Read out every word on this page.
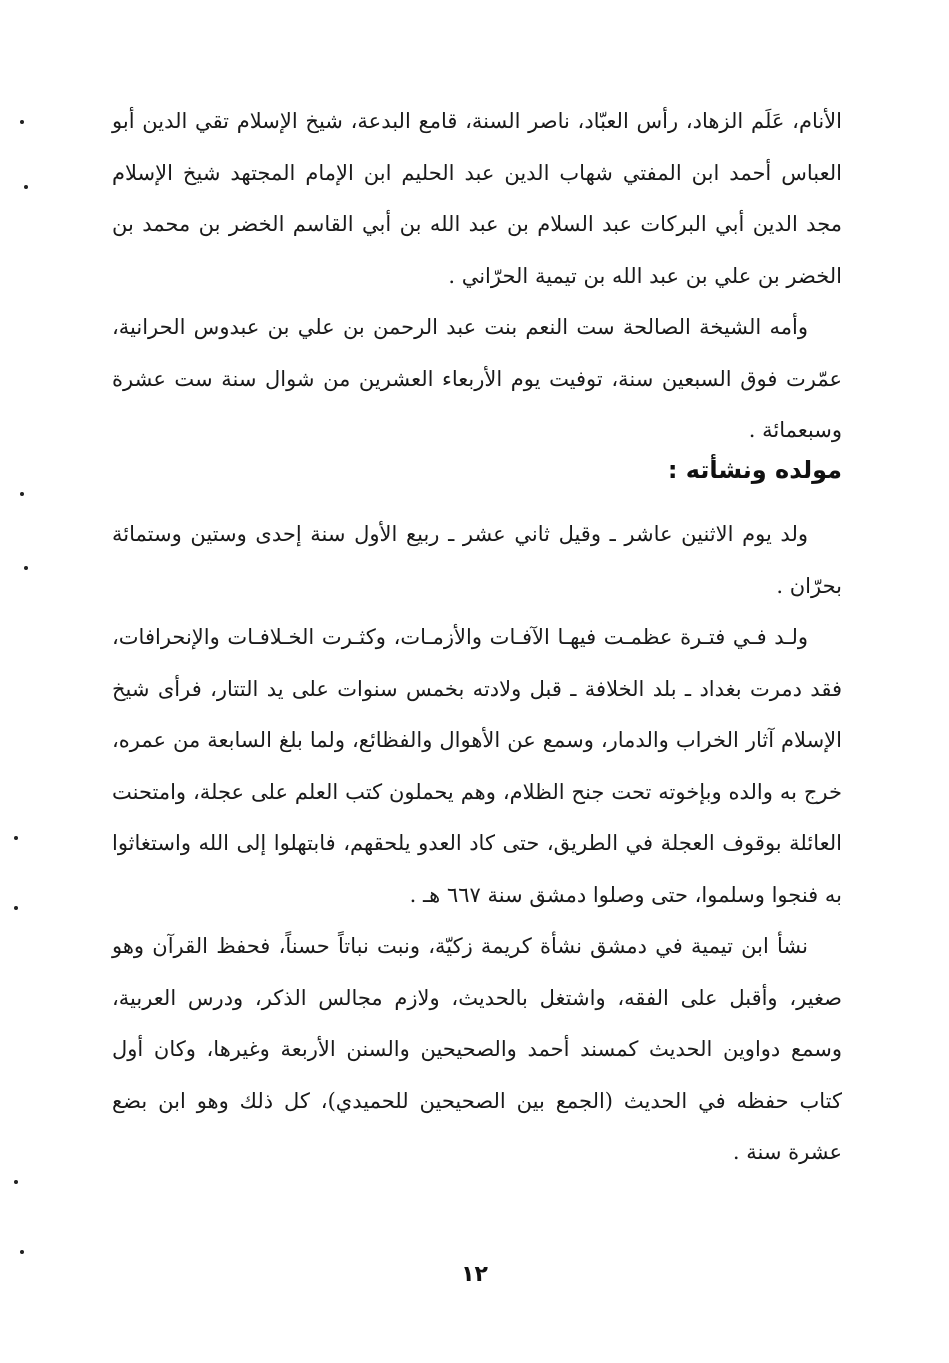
الأنام، عَلَم الزهاد، رأس العبّاد، ناصر السنة، قامع البدعة، شيخ الإسلام تقي الدين أبو العباس أحمد ابن المفتي شهاب الدين عبد الحليم ابن الإمام المجتهد شيخ الإسلام مجد الدين أبي البركات عبد السلام بن عبد الله بن أبي القاسم الخضر بن محمد بن الخضر بن علي بن عبد الله بن تيمية الحرّاني .

وأمه الشيخة الصالحة ست النعم بنت عبد الرحمن بن علي بن عبدوس الحرانية، عمّرت فوق السبعين سنة، توفيت يوم الأربعاء العشرين من شوال سنة ست عشرة وسبعمائة .

مولده ونشأته :

ولد يوم الاثنين عاشر ـ وقيل ثاني عشر ـ ربيع الأول سنة إحدى وستين وستمائة بحرّان .

ولـد فـي فتـرة عظمـت فيهـا الآفـات والأزمـات، وكثـرت الخـلافـات والإنحرافات، فقد دمرت بغداد ـ بلد الخلافة ـ قبل ولادته بخمس سنوات على يد التتار، فرأى شيخ الإسلام آثار الخراب والدمار، وسمع عن الأهوال والفظائع، ولما بلغ السابعة من عمره، خرج به والده وبإخوته تحت جنح الظلام، وهم يحملون كتب العلم على عجلة، وامتحنت العائلة بوقوف العجلة في الطريق، حتى كاد العدو يلحقهم، فابتهلوا إلى الله واستغاثوا به فنجوا وسلموا، حتى وصلوا دمشق سنة ٦٦٧ هـ .

نشأ ابن تيمية في دمشق نشأة كريمة زكيّة، ونبت نباتاً حسناً، فحفظ القرآن وهو صغير، وأقبل على الفقه، واشتغل بالحديث، ولازم مجالس الذكر، ودرس العربية، وسمع دواوين الحديث كمسند أحمد والصحيحين والسنن الأربعة وغيرها، وكان أول كتاب حفظه في الحديث (الجمع بين الصحيحين للحميدي)، كل ذلك وهو ابن بضع عشرة سنة .

١٢
